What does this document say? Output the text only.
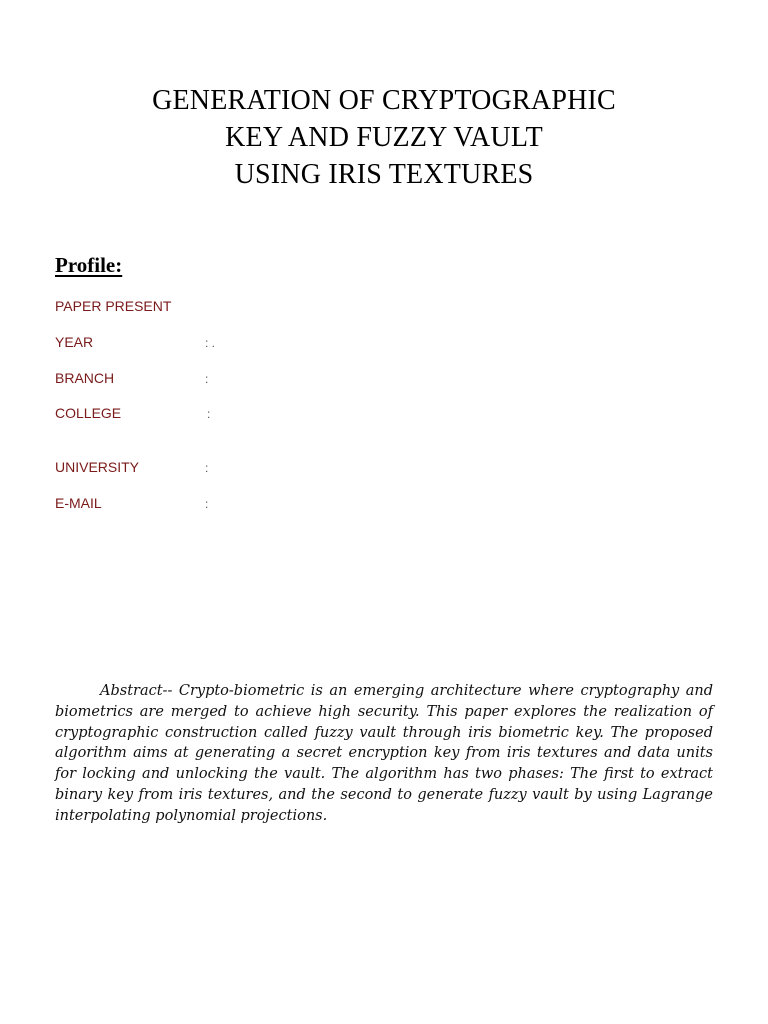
GENERATION OF CRYPTOGRAPHIC
KEY AND FUZZY VAULT
USING IRIS TEXTURES
Profile:
PAPER PRESENT
YEAR	: .
BRANCH	:
COLLEGE	:
UNIVERSITY	:
E-MAIL	:

Abstract-- Crypto-biometric is an emerging architecture where cryptography and biometrics are merged to achieve high security. This paper explores the realization of cryptographic construction called fuzzy vault through iris biometric key. The proposed algorithm aims at generating a secret encryption key from iris textures and data units for locking and unlocking the vault. The algorithm has two phases: The first to extract binary key from iris textures, and the second to generate fuzzy vault by using Lagrange interpolating polynomial projections.
